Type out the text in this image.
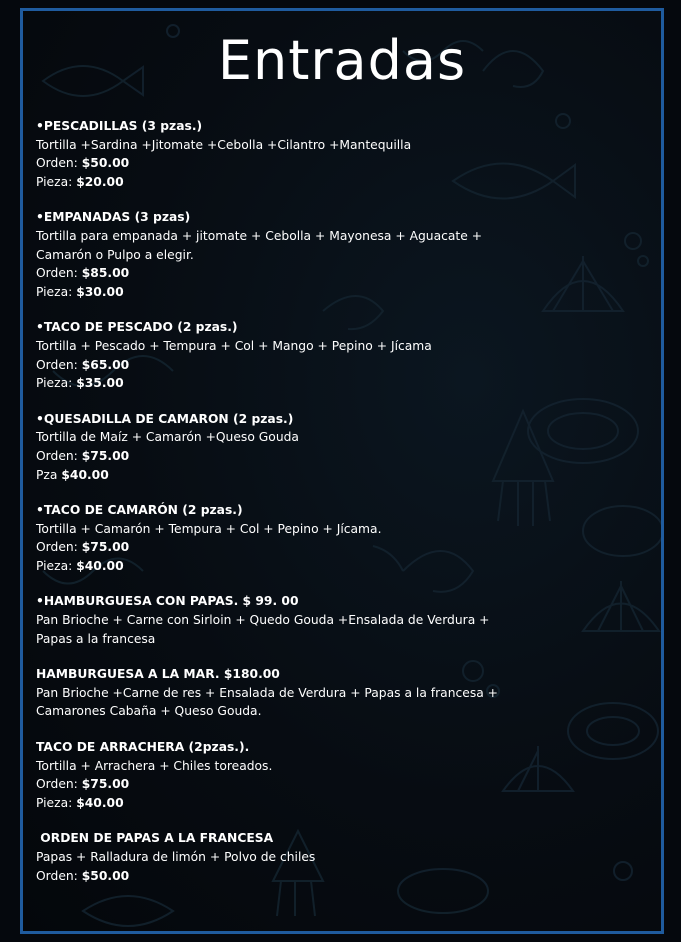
Entradas

•PESCADILLAS (3 pzas.)

Tortilla +Sardina +Jitomate +Cebolla +Cilantro +Mantequilla

Orden: $50.00

Pieza: $20.00

•EMPANADAS (3 pzas)

Tortilla para empanada + jitomate + Cebolla + Mayonesa + Aguacate +

Camarón o Pulpo a elegir.

Orden: $85.00

Pieza: $30.00

•TACO DE PESCADO (2 pzas.)

Tortilla + Pescado + Tempura + Col + Mango + Pepino + Jícama

Orden: $65.00

Pieza: $35.00

•QUESADILLA DE CAMARON (2 pzas.)

Tortilla de Maíz + Camarón +Queso Gouda

Orden: $75.00

Pza $40.00

•TACO DE CAMARÓN (2 pzas.)

Tortilla + Camarón + Tempura + Col + Pepino + Jícama.

Orden: $75.00

Pieza: $40.00

•HAMBURGUESA CON PAPAS. $ 99. 00

Pan Brioche + Carne con Sirloin + Quedo Gouda +Ensalada de Verdura +

Papas a la francesa

HAMBURGUESA A LA MAR. $180.00

Pan Brioche +Carne de res + Ensalada de Verdura + Papas a la francesa +

Camarones Cabaña + Queso Gouda.

TACO DE ARRACHERA (2pzas.).

Tortilla + Arrachera + Chiles toreados.

Orden: $75.00

Pieza: $40.00

ORDEN DE PAPAS A LA FRANCESA

Papas + Ralladura de limón + Polvo de chiles

Orden: $50.00
